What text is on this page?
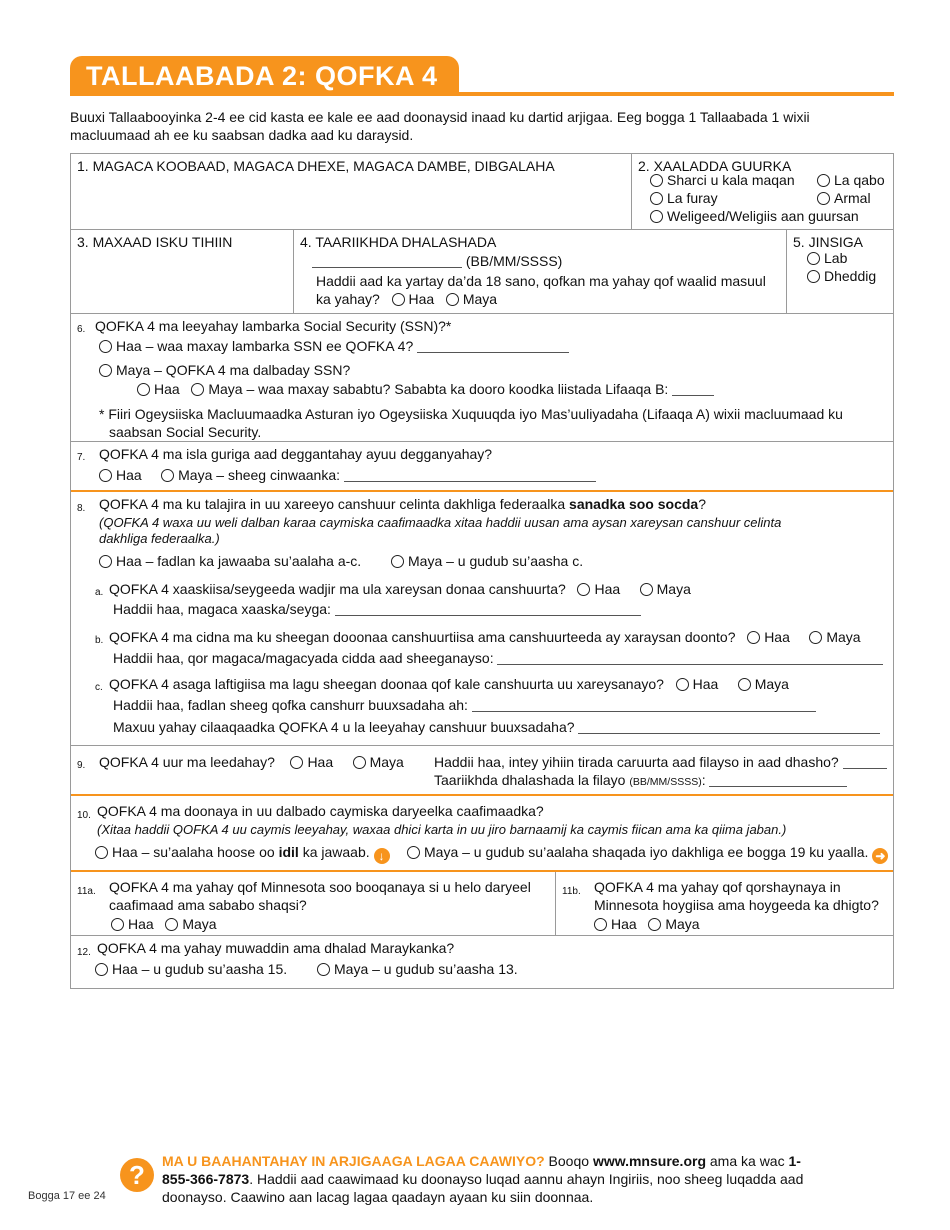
TALLAABADA 2: QOFKA 4
Buuxi Tallaabooyinka 2-4 ee cid kasta ee kale ee aad doonaysid inaad ku dartid arjigaa. Eeg bogga 1 Tallaabada 1 wixii macluumaad ah ee ku saabsan dadka aad ku daraysid.
1. MAGACA KOOBAAD, MAGACA DHEXE, MAGACA DAMBE, DIBGALAHA	2. XAALADDA GUURKA
Sharci u kala maqan	La qabo
La furay	Armal
Weligeed/Weligiis aan guursan
3. MAXAAD ISKU TIHIIN	4. TAARIIKHDA DHALASHADA
(BB/MM/SSSS)
Haddii aad ka yartay da’da 18 sano, qofkan ma yahay qof waalid masuul
ka yahay? Haa Maya
5. JINSIGA
Lab
Dheddig
6. QOFKA 4 ma leeyahay lambarka Social Security (SSN)?*
Haa – waa maxay lambarka SSN ee QOFKA 4?
Maya – QOFKA 4 ma dalbaday SSN?
Haa Maya – waa maxay sababtu? Sababta ka dooro koodka liistada Lifaaqa B:
* Fiiri Ogeysiiska Macluumaadka Asturan iyo Ogeysiiska Xuquuqda iyo Mas’uuliyadaha (Lifaaqa A) wixii macluumaad ku
saabsan Social Security.
7. QOFKA 4 ma isla guriga aad deggantahay ayuu degganyahay?
Haa	Maya – sheeg cinwaanka:
8. QOFKA 4 ma ku talajira in uu xareeyo canshuur celinta dakhliga federaalka sanadka soo socda?
(QOFKA 4 waxa uu weli dalban karaa caymiska caafimaadka xitaa haddii uusan ama aysan xareysan canshuur celinta
dakhliga federaalka.)
Haa – fadlan ka jawaaba su’aalaha a-c.	Maya – u gudub su’aasha c.
a. QOFKA 4 xaaskiisa/seygeeda wadjir ma ula xareysan donaa canshuurta? Haa	Maya
Haddii haa, magaca xaaska/seyga:
b. QOFKA 4 ma cidna ma ku sheegan dooonaa canshuurtiisa ama canshuurteeda ay xaraysan doonto? Haa	Maya
Haddii haa, qor magaca/magacyada cidda aad sheeganayso:
c. QOFKA 4 asaga laftigiisa ma lagu sheegan doonaa qof kale canshuurta uu xareysanayo? Haa	Maya
Haddii haa, fadlan sheeg qofka canshurr buuxsadaha ah:
Maxuu yahay cilaaqaadka QOFKA 4 u la leeyahay canshuur buuxsadaha?
9. QOFKA 4 uur ma leedahay? Haa	Maya Haddii haa, intey yihiin tirada caruurta aad filayso in aad dhasho?
Taariikhda dhalashada la filayo (BB/MM/SSSS):
10. QOFKA 4 ma doonaya in uu dalbado caymiska daryeelka caafimaadka?
(Xitaa haddii QOFKA 4 uu caymis leeyahay, waxaa dhici karta in uu jiro barnaamij ka caymis fiican ama ka qiima jaban.)
Haa – su’aalaha hoose oo idil ka jawaab. ↓	Maya – u gudub su’aalaha shaqada iyo dakhliga ee bogga 19 ku yaalla. ➜
11a. QOFKA 4 ma yahay qof Minnesota soo booqanaya si u helo daryeel
caafimaad ama sababo shaqsi?
Haa Maya
11b. QOFKA 4 ma yahay qof qorshaynaya in
Minnesota hoygiisa ama hoygeeda ka dhigto?
Haa Maya
12. QOFKA 4 ma yahay muwaddin ama dhalad Maraykanka?
Haa – u gudub su’aasha 15.	Maya – u gudub su’aasha 13.
?	MA U BAAHANTAHAY IN ARJIGAAGA LAGAA CAAWIYO? Booqo www.mnsure.org ama ka wac 1-855-366-7873. Haddii aad caawimaad ku doonayso luqad aannu ahayn Ingiriis, noo sheeg luqadda aad doonayso. Caawino aan lacag lagaa qaadayn ayaan ku siin doonnaa.
Bogga 17 ee 24
